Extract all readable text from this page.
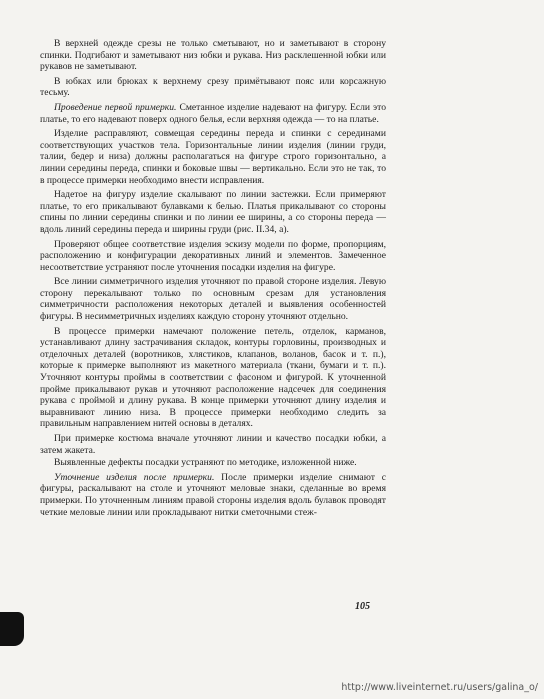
В верхней одежде срезы не только сметывают, но и заметывают в сторону спинки. Подгибают и заметывают низ юбки и рукава. Низ расклешенной юбки или рукавов не заметывают.

В юбках или брюках к верхнему срезу примётывают пояс или корсажную тесьму.

Проведение первой примерки. Сметанное изделие надевают на фигуру. Если это платье, то его надевают поверх одного белья, если верхняя одежда — то на платье.

Изделие расправляют, совмещая середины переда и спинки с серединами соответствующих участков тела. Горизонтальные линии изделия (линии груди, талии, бедер и низа) должны располагаться на фигуре строго горизонтально, а линии середины переда, спинки и боковые швы — вертикально. Если это не так, то в процессе примерки необходимо внести исправления.

Надетое на фигуру изделие скалывают по линии застежки. Если примеряют платье, то его прикалывают булавками к белью. Платья прикалывают со стороны спины по линии середины спинки и по линии ее ширины, а со стороны переда — вдоль линий середины переда и ширины груди (рис. II.34, а).

Проверяют общее соответствие изделия эскизу модели по форме, пропорциям, расположению и конфигурации декоративных линий и элементов. Замеченное несоответствие устраняют после уточнения посадки изделия на фигуре.

Все линии симметричного изделия уточняют по правой стороне изделия. Левую сторону перекалывают только по основным срезам для установления симметричности расположения некоторых деталей и выявления особенностей фигуры. В несимметричных изделиях каждую сторону уточняют отдельно.

В процессе примерки намечают положение петель, отделок, карманов, устанавливают длину застрачивания складок, контуры горловины, производных и отделочных деталей (воротников, хлястиков, клапанов, воланов, басок и т. п.), которые к примерке выполняют из макетного материала (ткани, бумаги и т. п.). Уточняют контуры проймы в соответствии с фасоном и фигурой. К уточненной пройме прикалывают рукав и уточняют расположение надсечек для соединения рукава с проймой и длину рукава. В конце примерки уточняют длину изделия и выравнивают линию низа. В процессе примерки необходимо следить за правильным направлением нитей основы в деталях.

При примерке костюма вначале уточняют линии и качество посадки юбки, а затем жакета.

Выявленные дефекты посадки устраняют по методике, изложенной ниже.

Уточнение изделия после примерки. После примерки изделие снимают с фигуры, раскалывают на столе и уточняют меловые знаки, сделанные во время примерки. По уточненным линиям правой стороны изделия вдоль булавок проводят четкие меловые линии или прокладывают нитки сметочными стеж-

105
http://www.liveinternet.ru/users/galina_o/
